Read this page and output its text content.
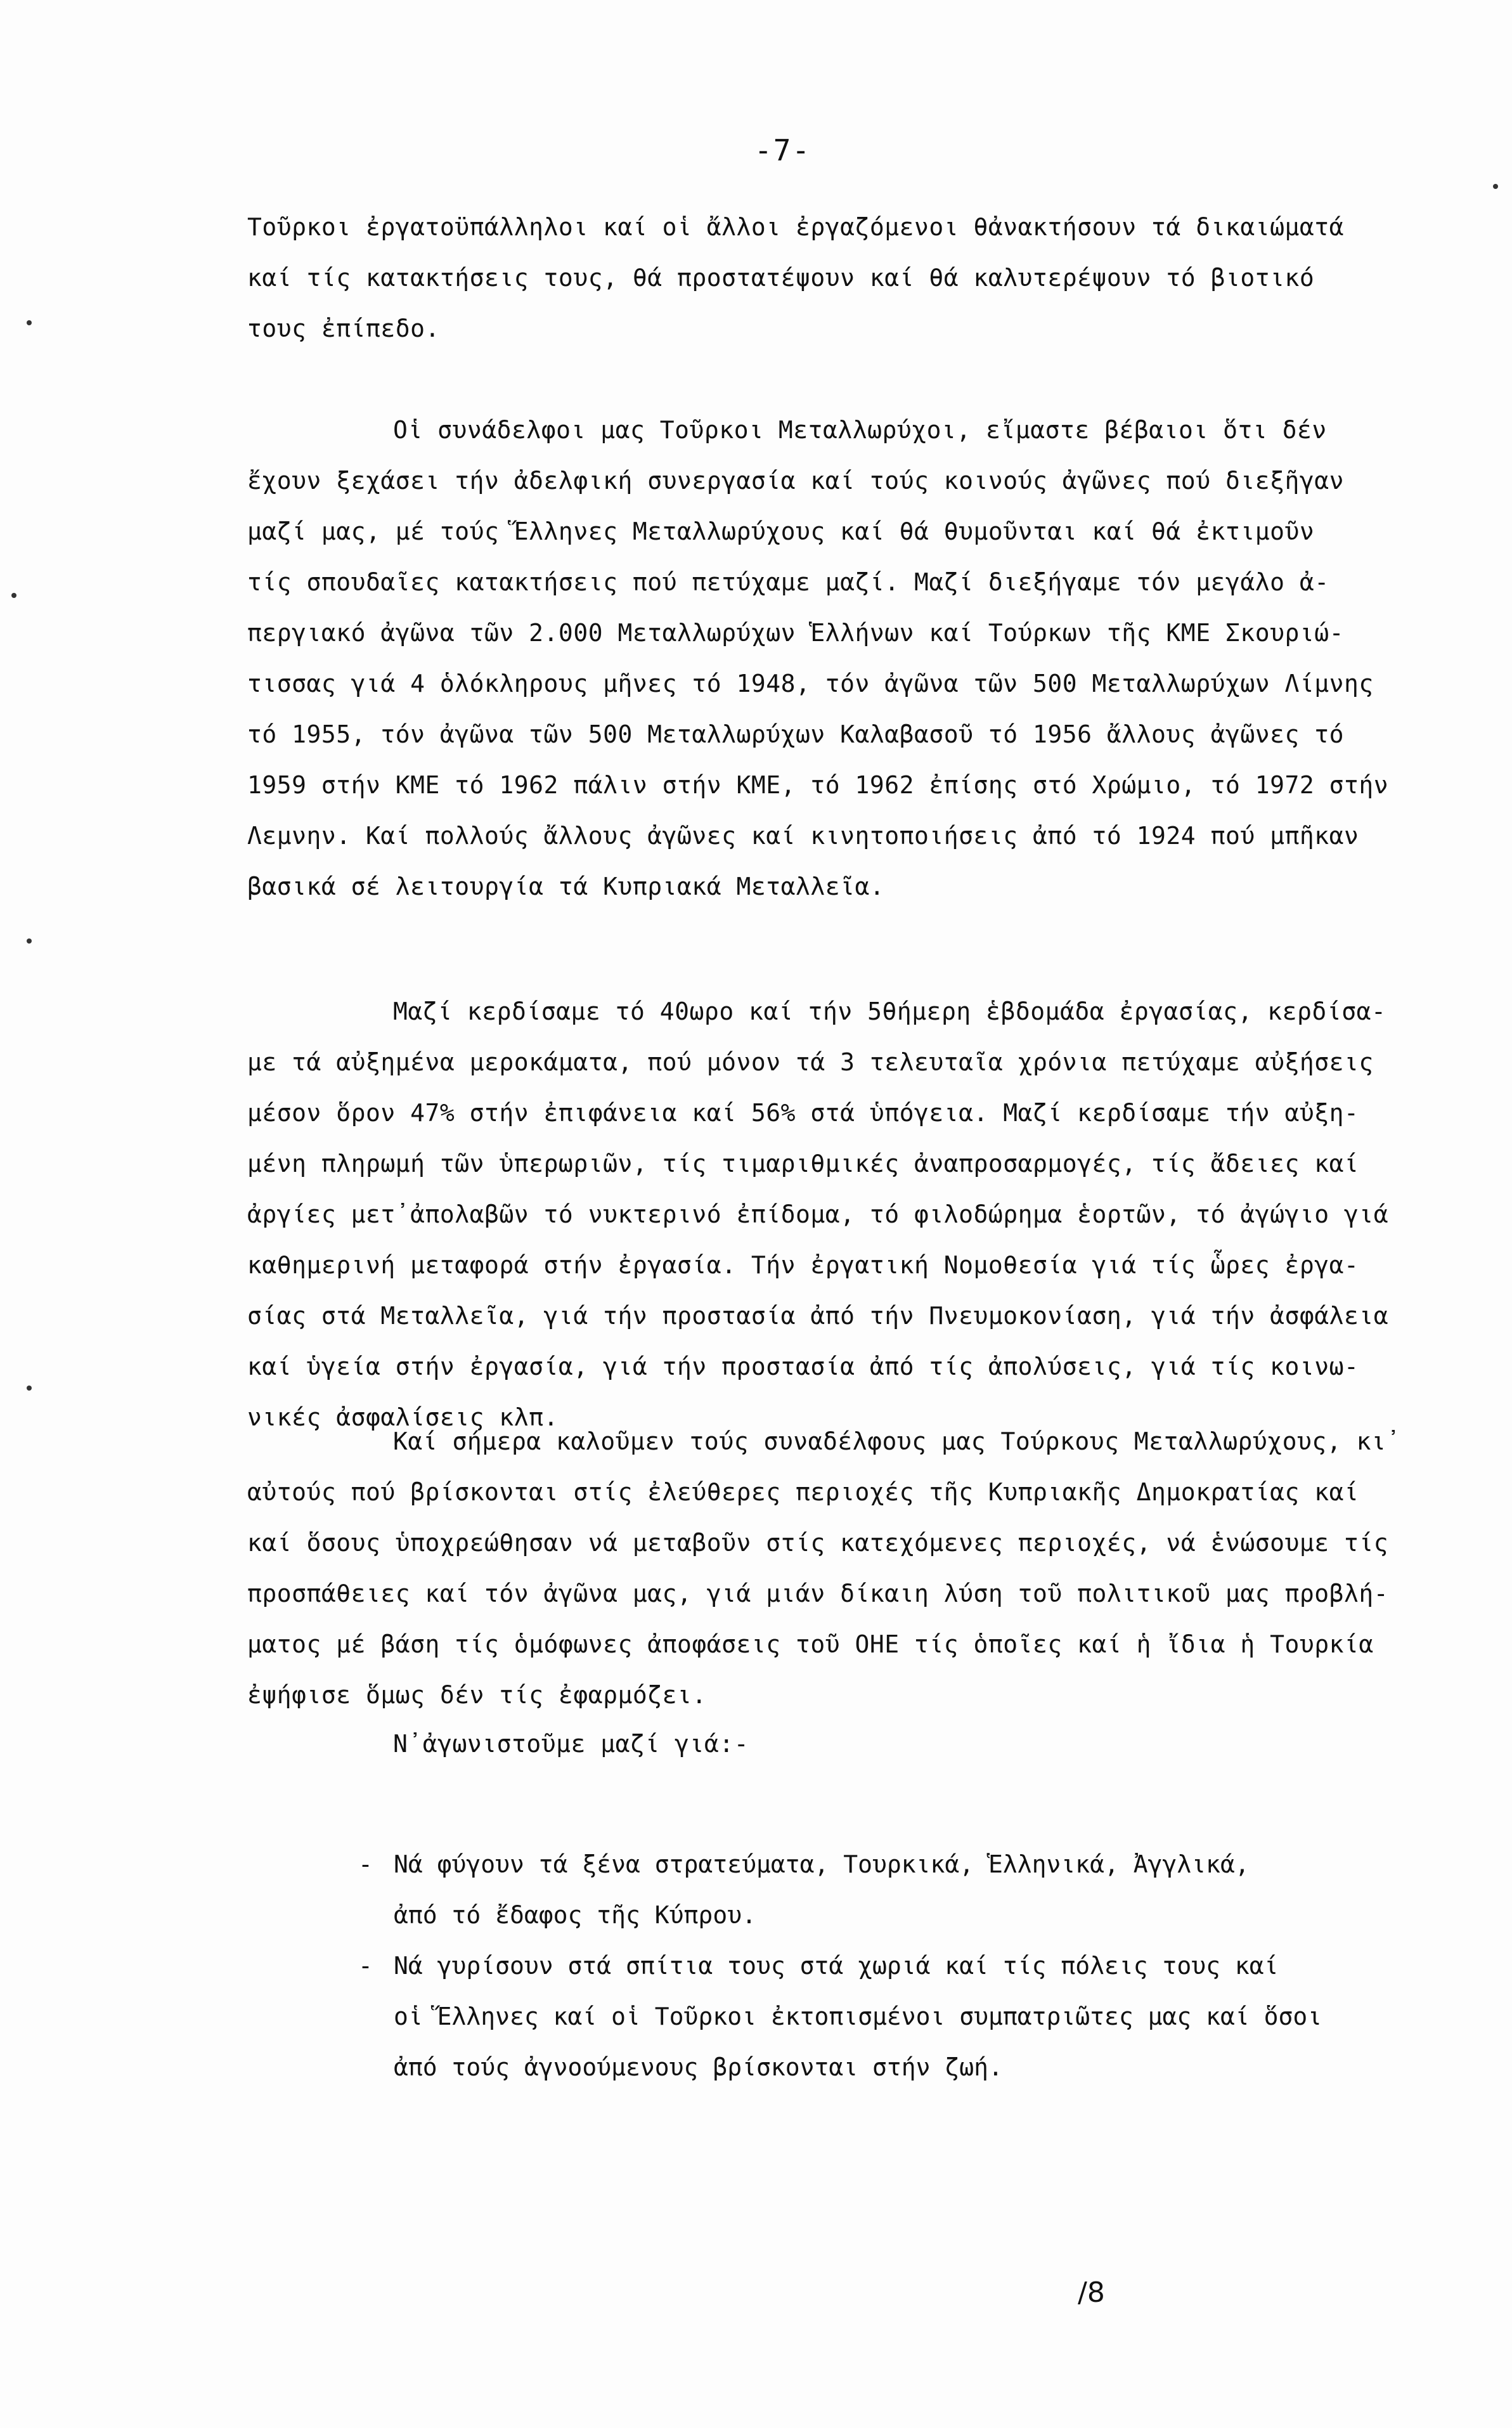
-7-
Τοῦρκοι ἐργατοϋπάλληλοι καί οἱ ἄλλοι ἐργαζόμενοι θἀνακτήσουν τά δικαιώματά
καί τίς κατακτήσεις τους, θά προστατέψουν καί θά καλυτερέψουν τό βιοτικό
τους ἐπίπεδο.
Οἱ συνάδελφοι μας Τοῦρκοι Μεταλλωρύχοι, εἴμαστε βέβαιοι ὅτι δέν
ἔχουν ξεχάσει τήν ἀδελφική συνεργασία καί τούς κοινούς ἀγῶνες πού διεξῆγαν
μαζί μας, μέ τούς Ἕλληνες Μεταλλωρύχους καί θά θυμοῦνται καί θά ἐκτιμοῦν
τίς σπουδαῖες κατακτήσεις πού πετύχαμε μαζί. Μαζί διεξήγαμε τόν μεγάλο ἀ-
περγιακό ἀγῶνα τῶν 2.000 Μεταλλωρύχων Ἑλλήνων καί Τούρκων τῆς ΚΜΕ Σκουριώ-
τισσας γιά 4 ὁλόκληρους μῆνες τό 1948, τόν ἀγῶνα τῶν 500 Μεταλλωρύχων Λίμνης
τό 1955, τόν ἀγῶνα τῶν 500 Μεταλλωρύχων Καλαβασοῦ τό 1956 ἄλλους ἀγῶνες τό
1959 στήν ΚΜΕ τό 1962 πάλιν στήν ΚΜΕ, τό 1962 ἐπίσης στό Χρώμιο, τό 1972 στήν
Λεμνην. Καί πολλούς ἄλλους ἀγῶνες καί κινητοποιήσεις ἀπό τό 1924 πού μπῆκαν
βασικά σέ λειτουργία τά Κυπριακά Μεταλλεῖα.
Μαζί κερδίσαμε τό 40ωρο καί τήν 5θήμερη ἑβδομάδα ἐργασίας, κερδίσα-
με τά αὐξημένα μεροκάματα, πού μόνον τά 3 τελευταῖα χρόνια πετύχαμε αὐξήσεις
μέσον ὅρον 47% στήν ἐπιφάνεια καί 56% στά ὑπόγεια. Μαζί κερδίσαμε τήν αὐξη-
μένη πληρωμή τῶν ὑπερωριῶν, τίς τιμαριθμικές ἀναπροσαρμογές, τίς ἄδειες καί
ἀργίες μετ᾽ἀπολαβῶν τό νυκτερινό ἐπίδομα, τό φιλοδώρημα ἑορτῶν, τό ἀγώγιο γιά
καθημερινή μεταφορά στήν ἐργασία. Τήν ἐργατική Νομοθεσία γιά τίς ὧρες ἐργα-
σίας στά Μεταλλεῖα, γιά τήν προστασία ἀπό τήν Πνευμοκονίαση, γιά τήν ἀσφάλεια
καί ὑγεία στήν ἐργασία, γιά τήν προστασία ἀπό τίς ἀπολύσεις, γιά τίς κοινω-
νικές ἀσφαλίσεις κλπ.
Καί σήμερα καλοῦμεν τούς συναδέλφους μας Τούρκους Μεταλλωρύχους, κι᾽
αὐτούς πού βρίσκονται στίς ἐλεύθερες περιοχές τῆς Κυπριακῆς Δημοκρατίας καί
καί ὅσους ὑποχρεώθησαν νά μεταβοῦν στίς κατεχόμενες περιοχές, νά ἑνώσουμε τίς
προσπάθειες καί τόν ἀγῶνα μας, γιά μιάν δίκαιη λύση τοῦ πολιτικοῦ μας προβλή-
ματος μέ βάση τίς ὁμόφωνες ἀποφάσεις τοῦ ΟΗΕ τίς ὁποῖες καί ἡ ἴδια ἡ Τουρκία
ἐψήφισε ὅμως δέν τίς ἐφαρμόζει.
Ν᾽ἀγωνιστοῦμε μαζί γιά:-
- Νά φύγουν τά ξένα στρατεύματα, Τουρκικά, Ἑλληνικά, Ἀγγλικά,
ἀπό τό ἔδαφος τῆς Κύπρου.
- Νά γυρίσουν στά σπίτια τους στά χωριά καί τίς πόλεις τους καί
οἱ Ἕλληνες καί οἱ Τοῦρκοι ἐκτοπισμένοι συμπατριῶτες μας καί ὅσοι
ἀπό τούς ἀγνοούμενους βρίσκονται στήν ζωή.
/8
